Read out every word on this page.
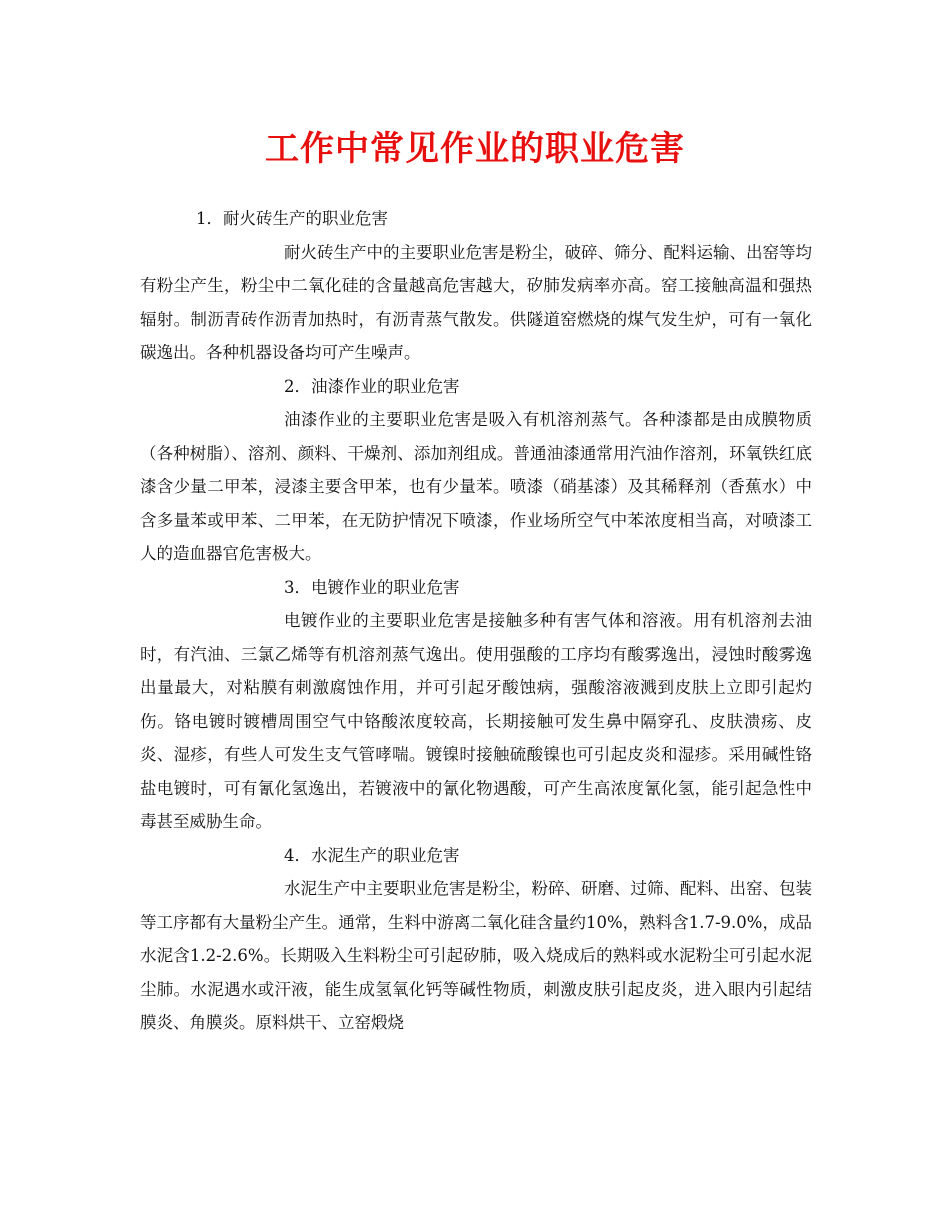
工作中常见作业的职业危害

1．耐火砖生产的职业危害

耐火砖生产中的主要职业危害是粉尘，破碎、筛分、配料运输、出窑等均有粉尘产生，粉尘中二氧化硅的含量越高危害越大，矽肺发病率亦高。窑工接触高温和强热辐射。制沥青砖作沥青加热时，有沥青蒸气散发。供隧道窑燃烧的煤气发生炉，可有一氧化碳逸出。各种机器设备均可产生噪声。

2．油漆作业的职业危害

油漆作业的主要职业危害是吸入有机溶剂蒸气。各种漆都是由成膜物质（各种树脂）、溶剂、颜料、干燥剂、添加剂组成。普通油漆通常用汽油作溶剂，环氧铁红底漆含少量二甲苯，浸漆主要含甲苯，也有少量苯。喷漆（硝基漆）及其稀释剂（香蕉水）中含多量苯或甲苯、二甲苯，在无防护情况下喷漆，作业场所空气中苯浓度相当高，对喷漆工人的造血器官危害极大。

3．电镀作业的职业危害

电镀作业的主要职业危害是接触多种有害气体和溶液。用有机溶剂去油时，有汽油、三氯乙烯等有机溶剂蒸气逸出。使用强酸的工序均有酸雾逸出，浸蚀时酸雾逸出量最大，对粘膜有刺激腐蚀作用，并可引起牙酸蚀病，强酸溶液溅到皮肤上立即引起灼伤。铬电镀时镀槽周围空气中铬酸浓度较高，长期接触可发生鼻中隔穿孔、皮肤溃疡、皮炎、湿疹，有些人可发生支气管哮喘。镀镍时接触硫酸镍也可引起皮炎和湿疹。采用碱性铬盐电镀时，可有氰化氢逸出，若镀液中的氰化物遇酸，可产生高浓度氰化氢，能引起急性中毒甚至威胁生命。

4．水泥生产的职业危害

水泥生产中主要职业危害是粉尘，粉碎、研磨、过筛、配料、出窑、包装等工序都有大量粉尘产生。通常，生料中游离二氧化硅含量约10%，熟料含1.7-9.0%，成品水泥含1.2-2.6%。长期吸入生料粉尘可引起矽肺，吸入烧成后的熟料或水泥粉尘可引起水泥尘肺。水泥遇水或汗液，能生成氢氧化钙等碱性物质，刺激皮肤引起皮炎，进入眼内引起结膜炎、角膜炎。原料烘干、立窑煅烧
